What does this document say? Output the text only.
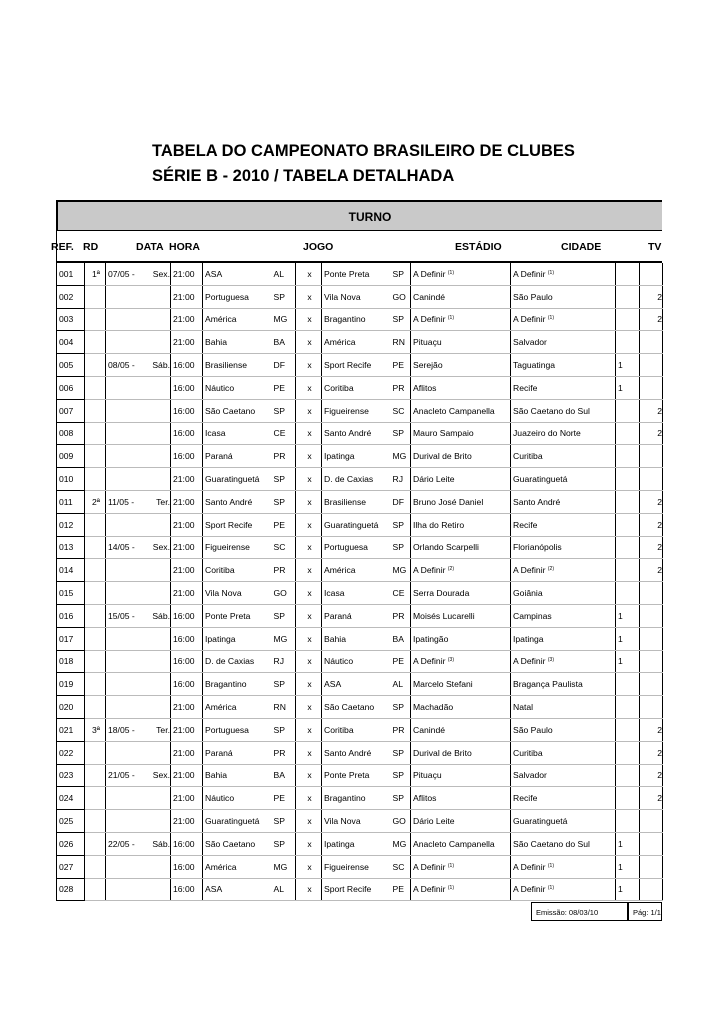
TABELA DO CAMPEONATO BRASILEIRO DE CLUBES
SÉRIE B - 2010 / TABELA DETALHADA
TURNO
REF. RD	DATA HORA	JOGO	ESTÁDIO	CIDADE	TV
001	1ª	07/05 -	Sex.	21:00	ASA	AL	x	Ponte Preta	SP	A Definir $^{(1)}$	A Definir $^{(1)}$		
002				21:00	Portuguesa	SP	x	Vila Nova	GO	Canindé	São Paulo		2
003				21:00	América	MG	x	Bragantino	SP	A Definir $^{(1)}$	A Definir $^{(1)}$		2
004				21:00	Bahia	BA	x	América	RN	Pituaçu	Salvador		
005		08/05 -	Sáb.	16:00	Brasiliense	DF	x	Sport Recife	PE	Serejão	Taguatinga	1	
006				16:00	Náutico	PE	x	Coritiba	PR	Aflitos	Recife	1	
007				16:00	São Caetano	SP	x	Figueirense	SC	Anacleto Campanella	São Caetano do Sul		2
008				16:00	Icasa	CE	x	Santo André	SP	Mauro Sampaio	Juazeiro do Norte		2
009				16:00	Paraná	PR	x	Ipatinga	MG	Durival de Brito	Curitiba		
010				21:00	Guaratinguetá	SP	x	D. de Caxias	RJ	Dário Leite	Guaratinguetá		
011	2ª	11/05 -	Ter.	21:00	Santo André	SP	x	Brasiliense	DF	Bruno José Daniel	Santo André		2
012				21:00	Sport Recife	PE	x	Guaratinguetá	SP	Ilha do Retiro	Recife		2
013		14/05 -	Sex.	21:00	Figueirense	SC	x	Portuguesa	SP	Orlando Scarpelli	Florianópolis		2
014				21:00	Coritiba	PR	x	América	MG	A Definir $^{(2)}$	A Definir $^{(2)}$		2
015				21:00	Vila Nova	GO	x	Icasa	CE	Serra Dourada	Goiânia		
016		15/05 -	Sáb.	16:00	Ponte Preta	SP	x	Paraná	PR	Moisés Lucarelli	Campinas	1	
017				16:00	Ipatinga	MG	x	Bahia	BA	Ipatingão	Ipatinga	1	
018				16:00	D. de Caxias	RJ	x	Náutico	PE	A Definir $^{(3)}$	A Definir $^{(3)}$	1	
019				16:00	Bragantino	SP	x	ASA	AL	Marcelo Stefani	Bragança Paulista		
020				21:00	América	RN	x	São Caetano	SP	Machadão	Natal		
021	3ª	18/05 -	Ter.	21:00	Portuguesa	SP	x	Coritiba	PR	Canindé	São Paulo		2
022				21:00	Paraná	PR	x	Santo André	SP	Durival de Brito	Curitiba		2
023		21/05 -	Sex.	21:00	Bahia	BA	x	Ponte Preta	SP	Pituaçu	Salvador		2
024				21:00	Náutico	PE	x	Bragantino	SP	Aflitos	Recife		2
025				21:00	Guaratinguetá	SP	x	Vila Nova	GO	Dário Leite	Guaratinguetá		
026		22/05 -	Sáb.	16:00	São Caetano	SP	x	Ipatinga	MG	Anacleto Campanella	São Caetano do Sul	1	
027				16:00	América	MG	x	Figueirense	SC	A Definir $^{(1)}$	A Definir $^{(1)}$	1	
028				16:00	ASA	AL	x	Sport Recife	PE	A Definir $^{(1)}$	A Definir $^{(1)}$	1	
Emissão: 08/03/10	Pág: 1/1
